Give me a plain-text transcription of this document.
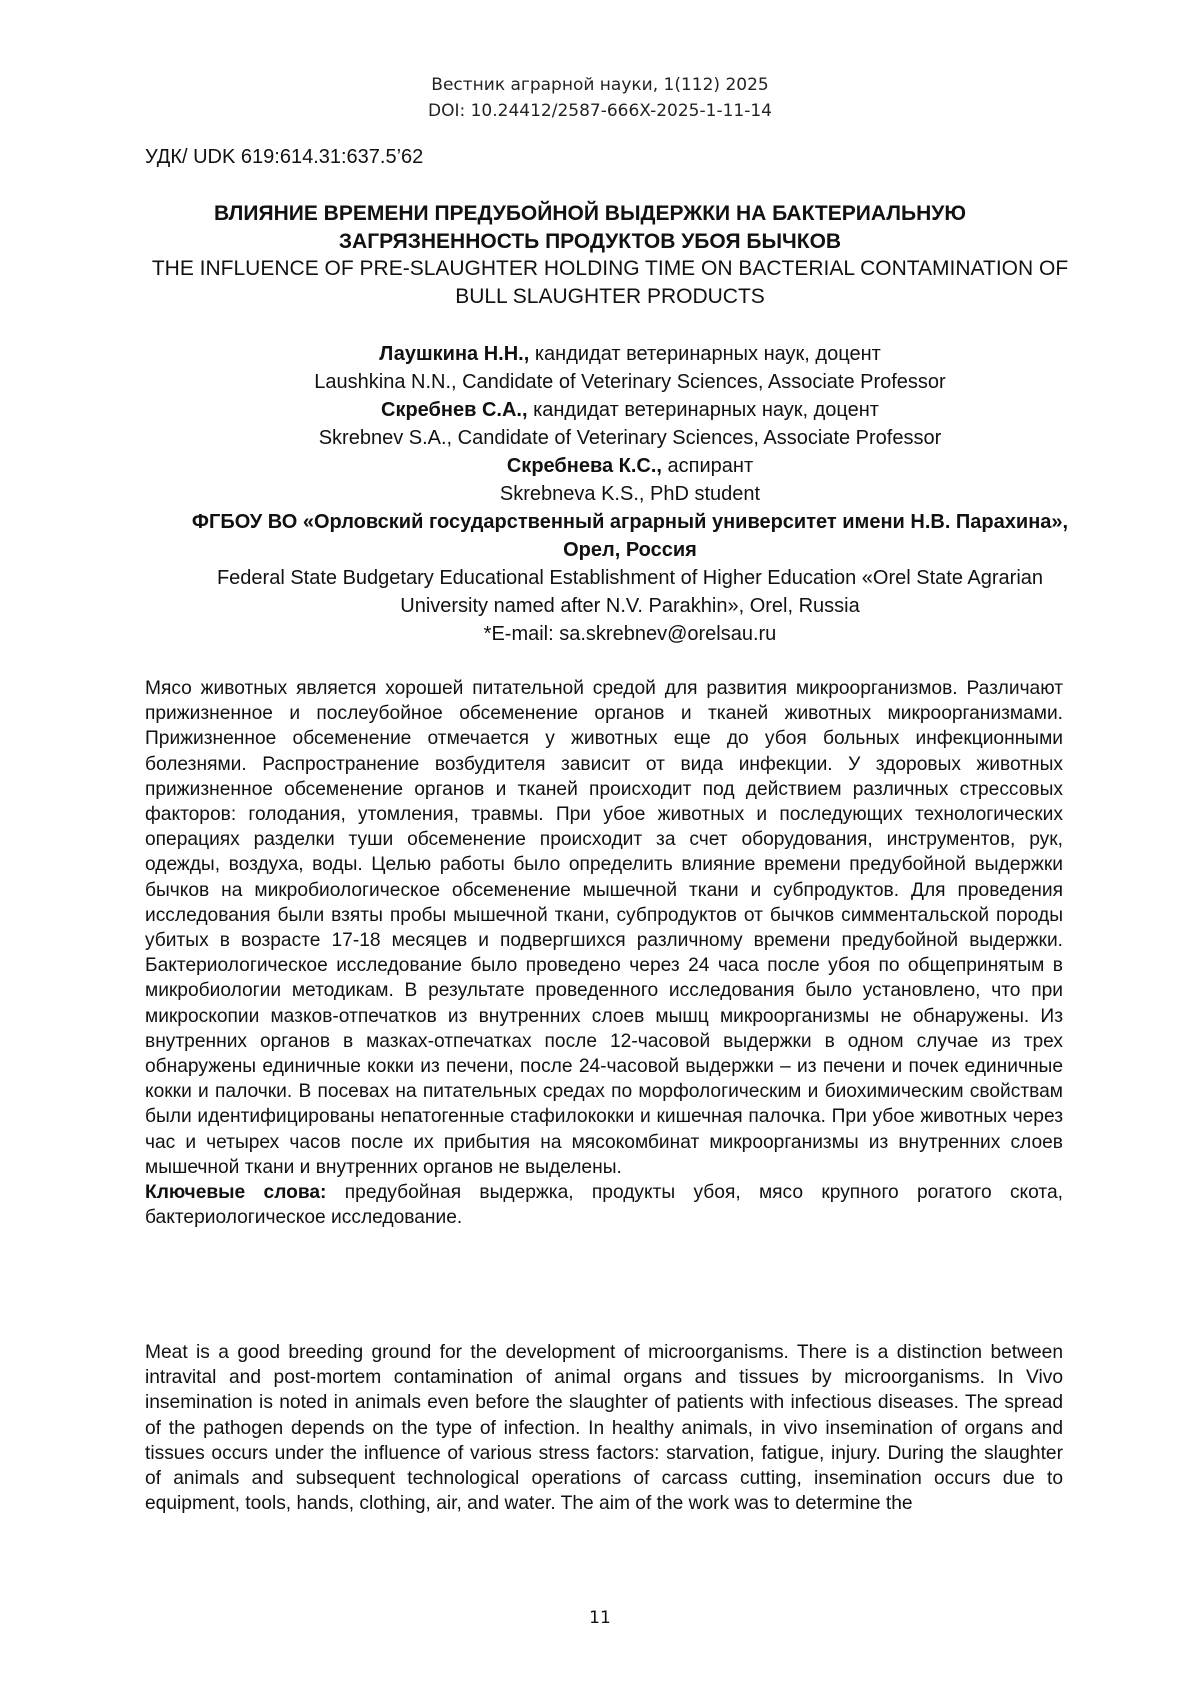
Вестник аграрной науки, 1(112) 2025
DOI: 10.24412/2587-666X-2025-1-11-14
УДК/ UDK 619:614.31:637.5’62
ВЛИЯНИЕ ВРЕМЕНИ ПРЕДУБОЙНОЙ ВЫДЕРЖКИ НА БАКТЕРИАЛЬНУЮ ЗАГРЯЗНЕННОСТЬ ПРОДУКТОВ УБОЯ БЫЧКОВ
THE INFLUENCE OF PRE-SLAUGHTER HOLDING TIME ON BACTERIAL CONTAMINATION OF BULL SLAUGHTER PRODUCTS
Лаушкина Н.Н., кандидат ветеринарных наук, доцент
Laushkina N.N., Candidate of Veterinary Sciences, Associate Professor
Скребнев С.А., кандидат ветеринарных наук, доцент
Skrebnev S.A., Candidate of Veterinary Sciences, Associate Professor
Скребнева К.С., аспирант
Skrebneva K.S., PhD student
ФГБОУ ВО «Орловский государственный аграрный университет имени Н.В. Парахина», Орел, Россия
Federal State Budgetary Educational Establishment of Higher Education «Orel State Agrarian University named after N.V. Parakhin», Orel, Russia
*E-mail: sa.skrebnev@orelsau.ru

Мясо животных является хорошей питательной средой для развития микроорганизмов. Различают прижизненное и послеубойное обсеменение органов и тканей животных микроорганизмами. Прижизненное обсеменение отмечается у животных еще до убоя больных инфекционными болезнями. Распространение возбудителя зависит от вида инфекции. У здоровых животных прижизненное обсеменение органов и тканей происходит под действием различных стрессовых факторов: голодания, утомления, травмы. При убое животных и последующих технологических операциях разделки туши обсеменение происходит за счет оборудования, инструментов, рук, одежды, воздуха, воды. Целью работы было определить влияние времени предубойной выдержки бычков на микробиологическое обсеменение мышечной ткани и субпродуктов. Для проведения исследования были взяты пробы мышечной ткани, субпродуктов от бычков симментальской породы убитых в возрасте 17-18 месяцев и подвергшихся различному времени предубойной выдержки. Бактериологическое исследование было проведено через 24 часа после убоя по общепринятым в микробиологии методикам. В результате проведенного исследования было установлено, что при микроскопии мазков-отпечатков из внутренних слоев мышц микроорганизмы не обнаружены. Из внутренних органов в мазках-отпечатках после 12-часовой выдержки в одном случае из трех обнаружены единичные кокки из печени, после 24-часовой выдержки – из печени и почек единичные кокки и палочки. В посевах на питательных средах по морфологическим и биохимическим свойствам были идентифицированы непатогенные стафилококки и кишечная палочка. При убое животных через час и четырех часов после их прибытия на мясокомбинат микроорганизмы из внутренних слоев мышечной ткани и внутренних органов не выделены.

Ключевые слова: предубойная выдержка, продукты убоя, мясо крупного рогатого скота, бактериологическое исследование.

Meat is a good breeding ground for the development of microorganisms. There is a distinction between intravital and post-mortem contamination of animal organs and tissues by microorganisms. In Vivo insemination is noted in animals even before the slaughter of patients with infectious diseases. The spread of the pathogen depends on the type of infection. In healthy animals, in vivo insemination of organs and tissues occurs under the influence of various stress factors: starvation, fatigue, injury. During the slaughter of animals and subsequent technological operations of carcass cutting, insemination occurs due to equipment, tools, hands, clothing, air, and water. The aim of the work was to determine the

11
